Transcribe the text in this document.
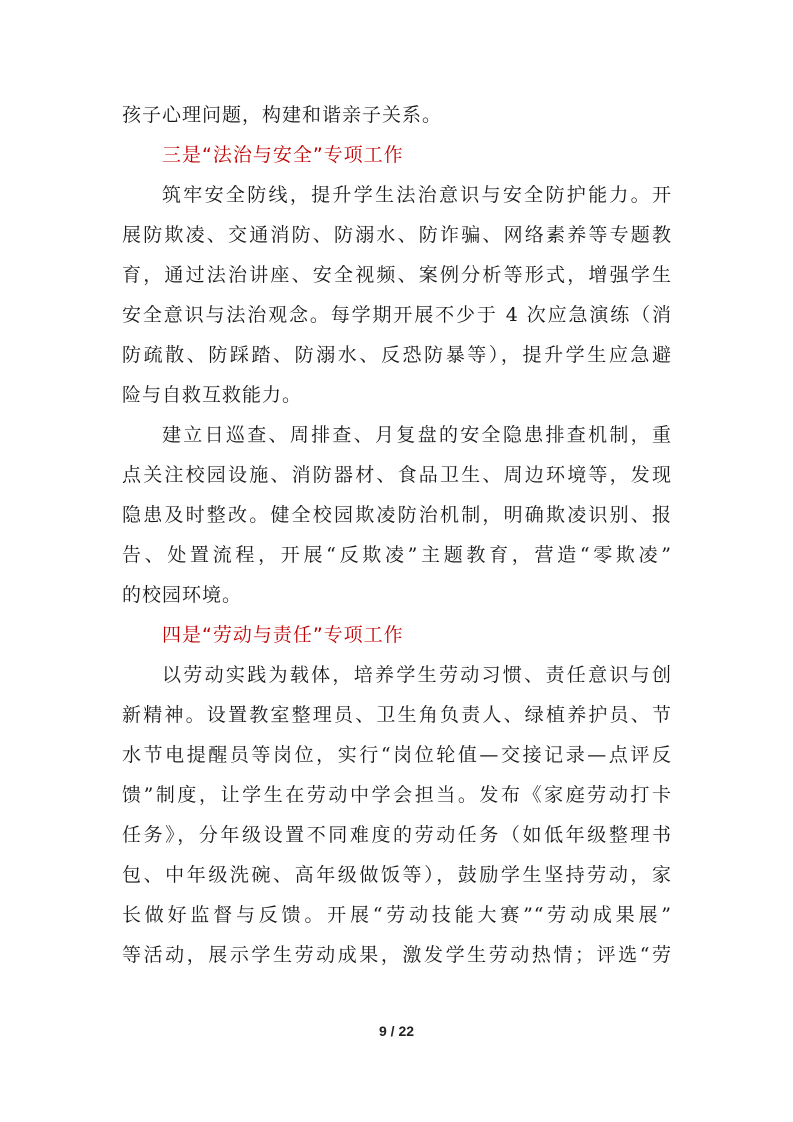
孩子心理问题，构建和谐亲子关系。
三是“法治与安全”专项工作
筑牢安全防线，提升学生法治意识与安全防护能力。开
展防欺凌、交通消防、防溺水、防诈骗、网络素养等专题教
育，通过法治讲座、安全视频、案例分析等形式，增强学生
安全意识与法治观念。每学期开展不少于 4 次应急演练（消
防疏散、防踩踏、防溺水、反恐防暴等），提升学生应急避
险与自救互救能力。
建立日巡查、周排查、月复盘的安全隐患排查机制，重
点关注校园设施、消防器材、食品卫生、周边环境等，发现
隐患及时整改。健全校园欺凌防治机制，明确欺凌识别、报
告、处置流程，开展“反欺凌”主题教育，营造“零欺凌”
的校园环境。
四是“劳动与责任”专项工作
以劳动实践为载体，培养学生劳动习惯、责任意识与创
新精神。设置教室整理员、卫生角负责人、绿植养护员、节
水节电提醒员等岗位，实行“岗位轮值—交接记录—点评反
馈”制度，让学生在劳动中学会担当。发布《家庭劳动打卡
任务》，分年级设置不同难度的劳动任务（如低年级整理书
包、中年级洗碗、高年级做饭等），鼓励学生坚持劳动，家
长做好监督与反馈。开展“劳动技能大赛”“劳动成果展”
等活动，展示学生劳动成果，激发学生劳动热情；评选“劳
9 / 22
